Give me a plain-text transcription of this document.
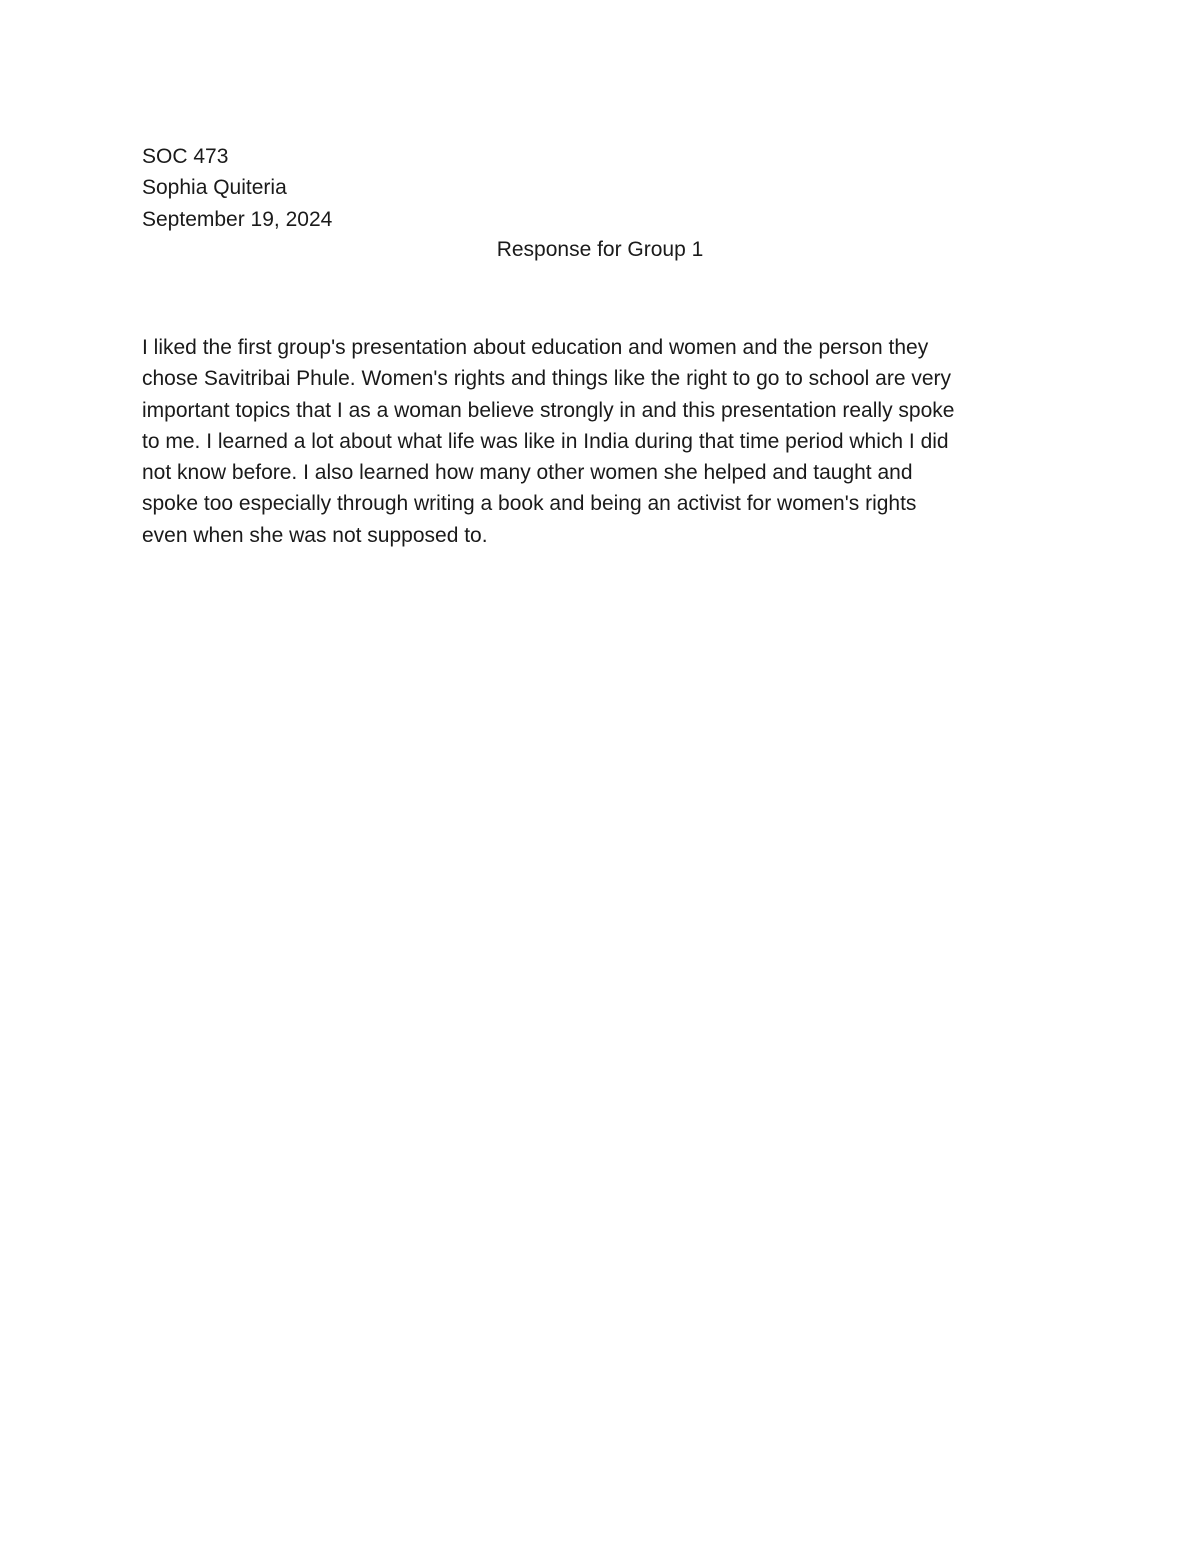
SOC 473
Sophia Quiteria
September 19, 2024
Response for Group 1
I liked the first group's presentation about education and women and the person they
chose Savitribai Phule. Women's rights and things like the right to go to school are very
important topics that I as a woman believe strongly in and this presentation really spoke
to me. I learned a lot about what life was like in India during that time period which I did
not know before. I also learned how many other women she helped and taught and
spoke too especially through writing a book and being an activist for women's rights
even when she was not supposed to.
